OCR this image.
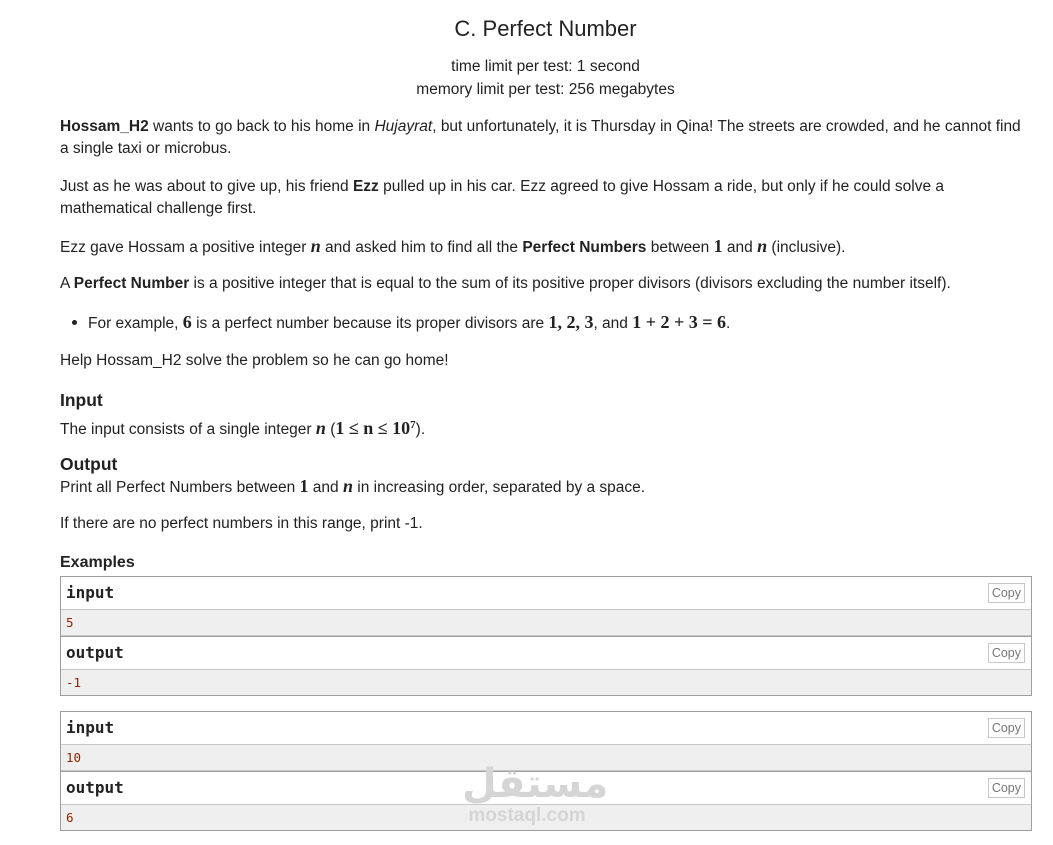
C. Perfect Number
time limit per test: 1 second
memory limit per test: 256 megabytes

Hossam_H2 wants to go back to his home in Hujayrat, but unfortunately, it is Thursday in Qina! The streets are crowded, and he cannot find a single taxi or microbus.

Just as he was about to give up, his friend Ezz pulled up in his car. Ezz agreed to give Hossam a ride, but only if he could solve a mathematical challenge first.

Ezz gave Hossam a positive integer n and asked him to find all the Perfect Numbers between 1 and n (inclusive).

A Perfect Number is a positive integer that is equal to the sum of its positive proper divisors (divisors excluding the number itself).

For example, 6 is a perfect number because its proper divisors are 1, 2, 3, and 1 + 2 + 3 = 6.

Help Hossam_H2 solve the problem so he can go home!

Input

The input consists of a single integer n $(1 \le n \le 10^7)$.

Output

Print all Perfect Numbers between 1 and n in increasing order, separated by a space.

If there are no perfect numbers in this range, print -1.

Examples
input	Copy
5
output	Copy
-1
input	Copy
10
output	Copy
6
مستقل
mostaql.com
